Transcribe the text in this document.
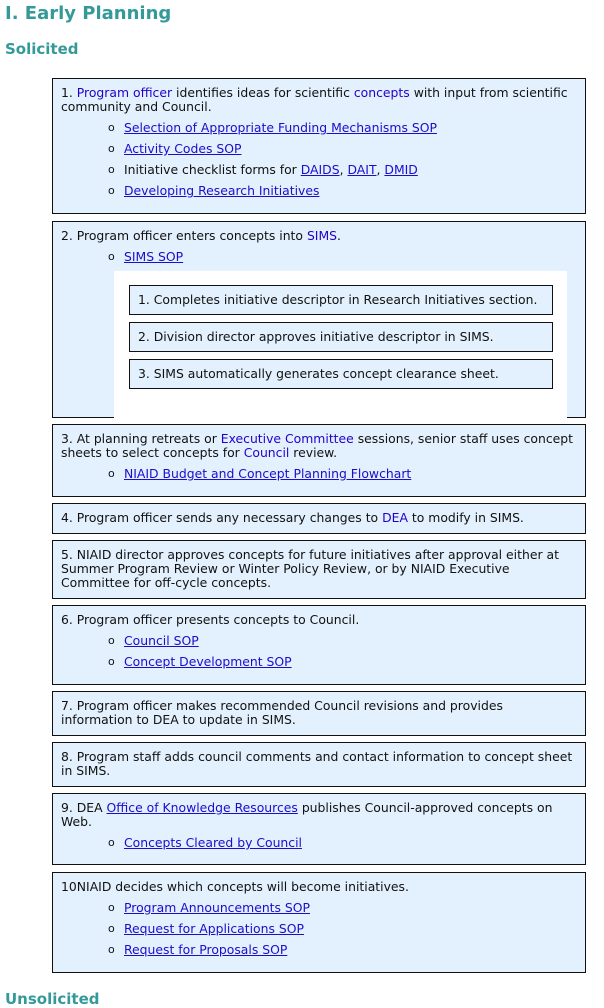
I. Early Planning
Solicited
1. Program officer identifies ideas for scientific concepts with input from scientific community and Council.
o Selection of Appropriate Funding Mechanisms SOP
o Activity Codes SOP
o Initiative checklist forms for DAIDS, DAIT, DMID
o Developing Research Initiatives
2. Program officer enters concepts into SIMS.
o SIMS SOP
1. Completes initiative descriptor in Research Initiatives section.
2. Division director approves initiative descriptor in SIMS.
3. SIMS automatically generates concept clearance sheet.
3. At planning retreats or Executive Committee sessions, senior staff uses concept sheets to select concepts for Council review.
o NIAID Budget and Concept Planning Flowchart
4. Program officer sends any necessary changes to DEA to modify in SIMS.
5. NIAID director approves concepts for future initiatives after approval either at Summer Program Review or Winter Policy Review, or by NIAID Executive Committee for off-cycle concepts.
6. Program officer presents concepts to Council.
o Council SOP
o Concept Development SOP
7. Program officer makes recommended Council revisions and provides information to DEA to update in SIMS.
8. Program staff adds council comments and contact information to concept sheet in SIMS.
9. DEA Office of Knowledge Resources publishes Council-approved concepts on Web.
o Concepts Cleared by Council
10NIAID decides which concepts will become initiatives.
o Program Announcements SOP
o Request for Applications SOP
o Request for Proposals SOP
Unsolicited
